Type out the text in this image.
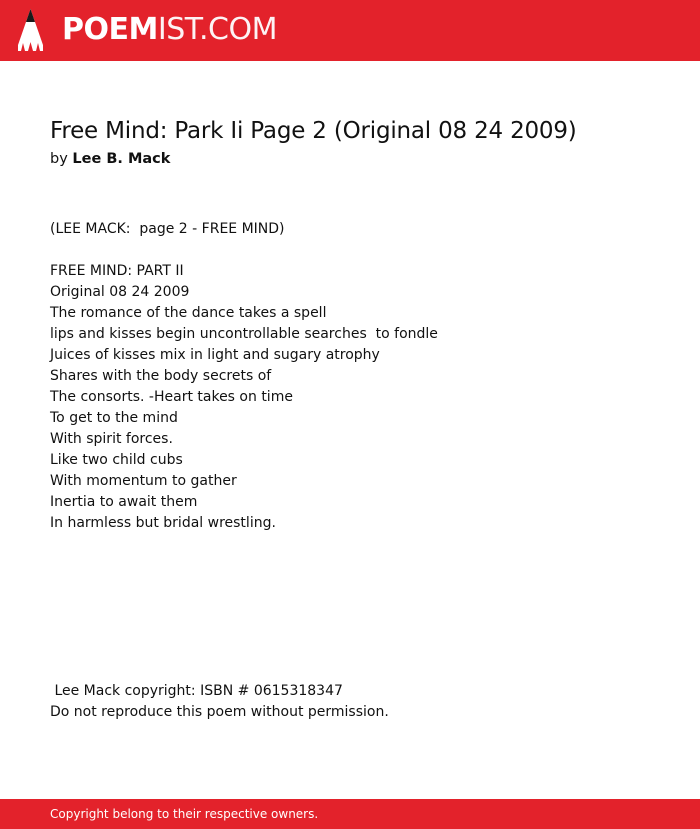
POEMIST.COM
Free Mind: Park Ii Page 2 (Original 08 24 2009)
by Lee B. Mack
(LEE MACK:  page 2 - FREE MIND)
FREE MIND: PART II
Original 08 24 2009
The romance of the dance takes a spell
lips and kisses begin uncontrollable searches  to fondle
Juices of kisses mix in light and sugary atrophy
Shares with the body secrets of
The consorts. -Heart takes on time
To get to the mind
With spirit forces.
Like two child cubs
With momentum to gather
Inertia to await them
In harmless but bridal wrestling.
Lee Mack copyright: ISBN # 0615318347
Do not reproduce this poem without permission.
Copyright belong to their respective owners.
